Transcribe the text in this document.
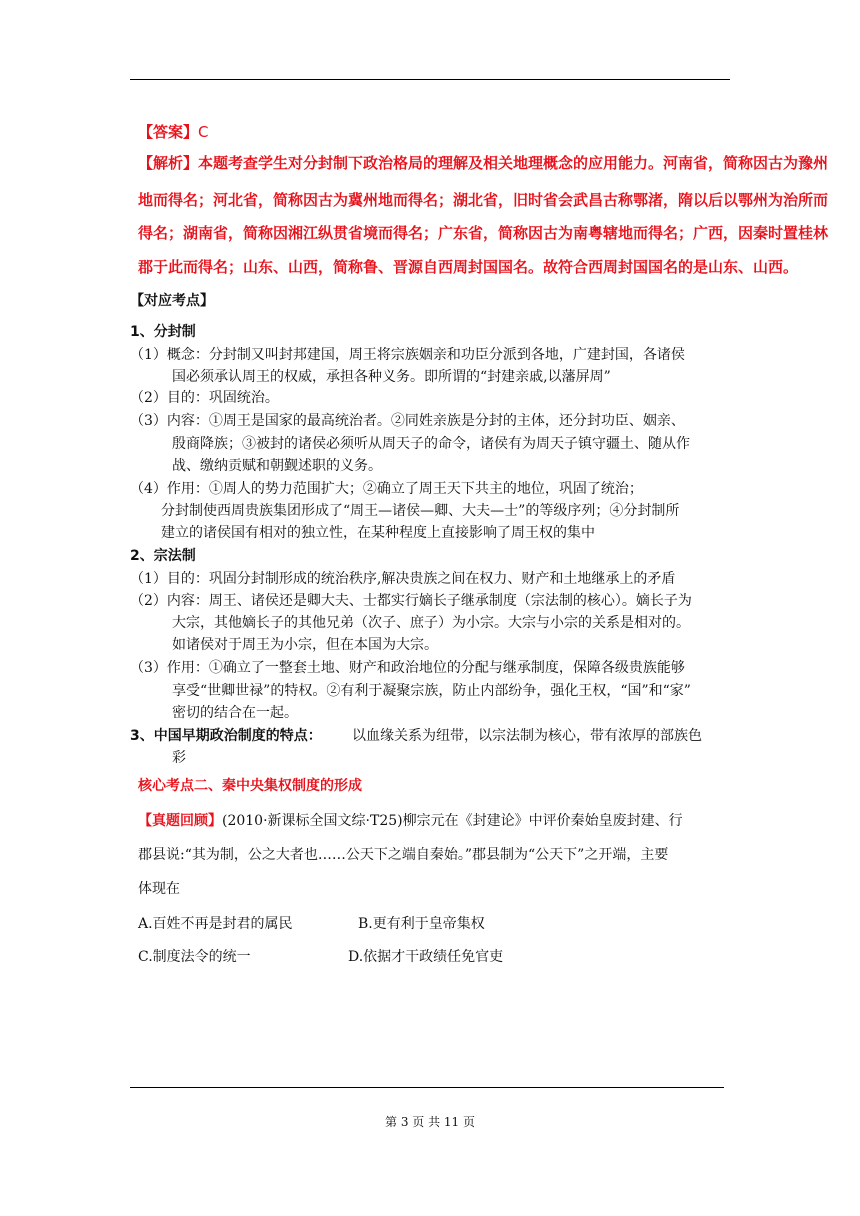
【答案】C
【解析】本题考查学生对分封制下政治格局的理解及相关地理概念的应用能力。河南省，简称因古为豫州
地而得名；河北省，简称因古为冀州地而得名；湖北省，旧时省会武昌古称鄂渚，隋以后以鄂州为治所而
得名；湖南省，简称因湘江纵贯省境而得名；广东省，简称因古为南粤辖地而得名；广西，因秦时置桂林
郡于此而得名；山东、山西，简称鲁、晋源自西周封国国名。故符合西周封国国名的是山东、山西。
【对应考点】
1、分封制
（1）概念：分封制又叫封邦建国，周王将宗族姻亲和功臣分派到各地，广建封国，各诸侯
国必须承认周王的权威，承担各种义务。即所谓的“封建亲戚,以藩屏周”
（2）目的：巩固统治。
（3）内容：①周王是国家的最高统治者。②同姓亲族是分封的主体，还分封功臣、姻亲、
殷商降族；③被封的诸侯必须听从周天子的命令，诸侯有为周天子镇守疆土、随从作
战、缴纳贡赋和朝觐述职的义务。
（4）作用：①周人的势力范围扩大；②确立了周王天下共主的地位，巩固了统治；
分封制使西周贵族集团形成了“周王—诸侯—卿、大夫—士”的等级序列；④分封制所
建立的诸侯国有相对的独立性，在某种程度上直接影响了周王权的集中
2、宗法制
（1）目的：巩固分封制形成的统治秩序,解决贵族之间在权力、财产和土地继承上的矛盾
（2）内容：周王、诸侯还是卿大夫、士都实行嫡长子继承制度（宗法制的核心）。嫡长子为
大宗，其他嫡长子的其他兄弟（次子、庶子）为小宗。大宗与小宗的关系是相对的。
如诸侯对于周王为小宗，但在本国为大宗。
（3）作用：①确立了一整套土地、财产和政治地位的分配与继承制度，保障各级贵族能够
享受“世卿世禄”的特权。②有利于凝聚宗族，防止内部纷争，强化王权，“国”和“家”
密切的结合在一起。
3、中国早期政治制度的特点： 以血缘关系为纽带，以宗法制为核心，带有浓厚的部族色
彩
核心考点二、秦中央集权制度的形成
【真题回顾】(2010·新课标全国文综·T25)柳宗元在《封建论》中评价秦始皇废封建、行
郡县说:“其为制，公之大者也……公天下之端自秦始。”郡县制为“公天下”之开端，主要
体现在
A.百姓不再是封君的属民	B.更有利于皇帝集权
C.制度法令的统一	D.依据才干政绩任免官吏
第 3 页 共 11 页
